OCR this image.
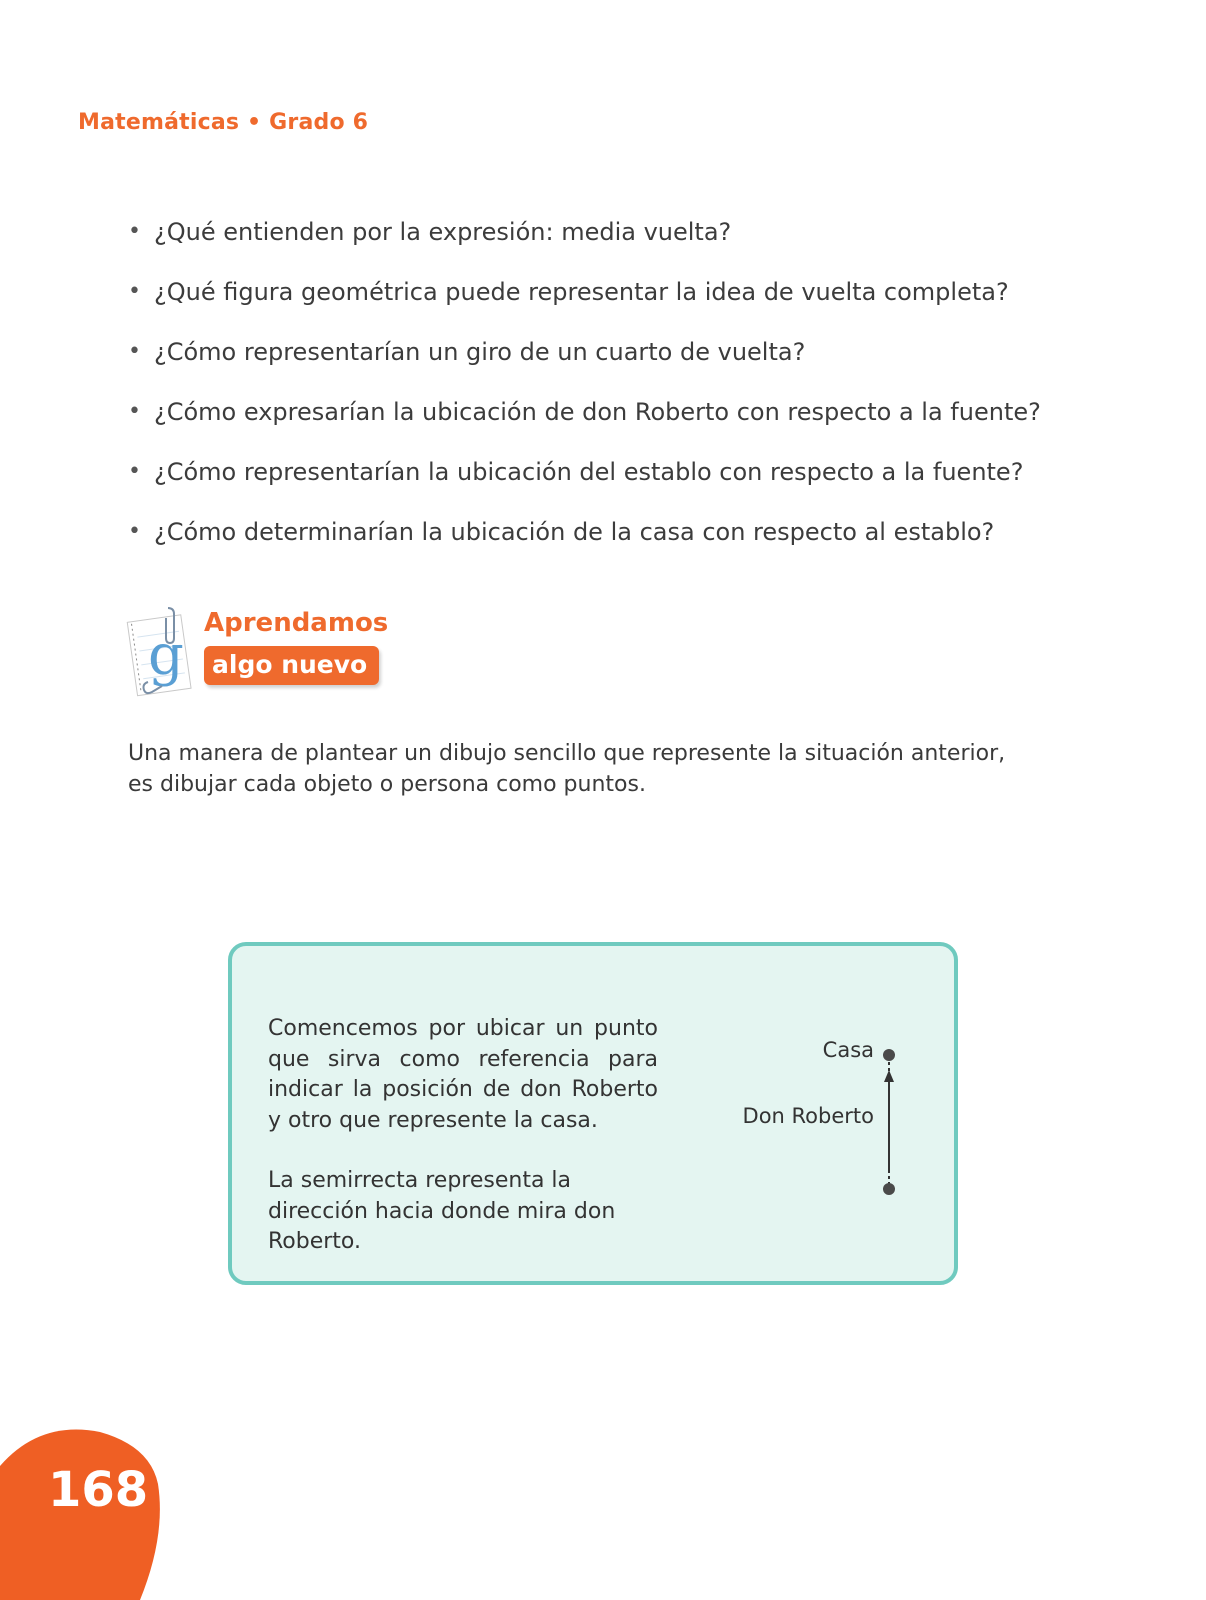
Matemáticas • Grado 6
• ¿Qué entienden por la expresión: media vuelta?
• ¿Qué figura geométrica puede representar la idea de vuelta completa?
• ¿Cómo representarían un giro de un cuarto de vuelta?
• ¿Cómo expresarían la ubicación de don Roberto con respecto a la fuente?
• ¿Cómo representarían la ubicación del establo con respecto a la fuente?
• ¿Cómo determinarían la ubicación de la casa con respecto al establo?
g Aprendamos
algo nuevo
Una manera de plantear un dibujo sencillo que represente la situación anterior, es dibujar cada objeto o persona como puntos.
Comencemos por ubicar un punto que sirva como referencia para indicar la posición de don Roberto y otro que represente la casa.
La semirrecta representa la dirección hacia donde mira don Roberto.
Casa
Don Roberto
168
